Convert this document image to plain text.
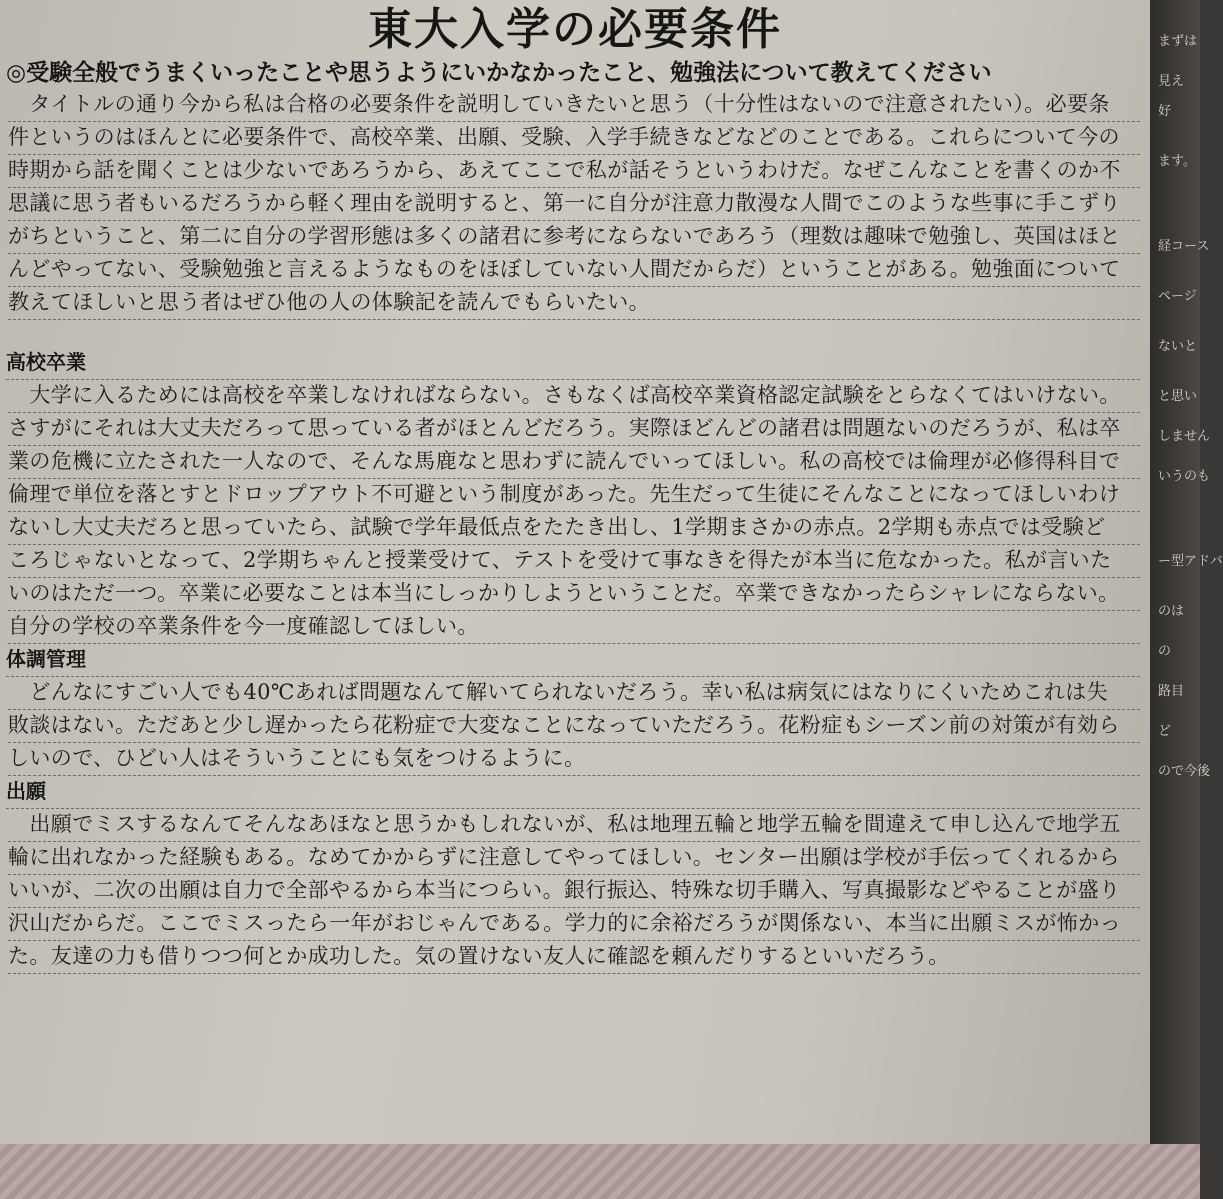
東大入学の必要条件
◎受験全般でうまくいったことや思うようにいかなかったこと、勉強法について教えてください
　タイトルの通り今から私は合格の必要条件を説明していきたいと思う（十分性はないので注意されたい）。必要条
件というのはほんとに必要条件で、高校卒業、出願、受験、入学手続きなどなどのことである。これらについて今の
時期から話を聞くことは少ないであろうから、あえてここで私が話そうというわけだ。なぜこんなことを書くのか不
思議に思う者もいるだろうから軽く理由を説明すると、第一に自分が注意力散漫な人間でこのような些事に手こずり
がちということ、第二に自分の学習形態は多くの諸君に参考にならないであろう（理数は趣味で勉強し、英国はほと
んどやってない、受験勉強と言えるようなものをほぼしていない人間だからだ）ということがある。勉強面について
教えてほしいと思う者はぜひ他の人の体験記を読んでもらいたい。
高校卒業
　大学に入るためには高校を卒業しなければならない。さもなくば高校卒業資格認定試験をとらなくてはいけない。
さすがにそれは大丈夫だろって思っている者がほとんどだろう。実際ほどんどの諸君は問題ないのだろうが、私は卒
業の危機に立たされた一人なので、そんな馬鹿なと思わずに読んでいってほしい。私の高校では倫理が必修得科目で
倫理で単位を落とすとドロップアウト不可避という制度があった。先生だって生徒にそんなことになってほしいわけ
ないし大丈夫だろと思っていたら、試験で学年最低点をたたき出し、1学期まさかの赤点。2学期も赤点では受験ど
ころじゃないとなって、2学期ちゃんと授業受けて、テストを受けて事なきを得たが本当に危なかった。私が言いた
いのはただ一つ。卒業に必要なことは本当にしっかりしようということだ。卒業できなかったらシャレにならない。
自分の学校の卒業条件を今一度確認してほしい。
体調管理
　どんなにすごい人でも40℃あれば問題なんて解いてられないだろう。幸い私は病気にはなりにくいためこれは失
敗談はない。ただあと少し遅かったら花粉症で大変なことになっていただろう。花粉症もシーズン前の対策が有効ら
しいので、ひどい人はそういうことにも気をつけるように。
出願
　出願でミスするなんてそんなあほなと思うかもしれないが、私は地理五輪と地学五輪を間違えて申し込んで地学五
輪に出れなかった経験もある。なめてかからずに注意してやってほしい。センター出願は学校が手伝ってくれるから
いいが、二次の出願は自力で全部やるから本当につらい。銀行振込、特殊な切手購入、写真撮影などやることが盛り
沢山だからだ。ここでミスったら一年がおじゃんである。学力的に余裕だろうが関係ない、本当に出願ミスが怖かっ
た。友達の力も借りつつ何とか成功した。気の置けない友人に確認を頼んだりするといいだろう。
まずは
見え
好
ます。
経コース
ページ
ないと
と思い
しません
いうのも
ー型アドバ
のは
の
路目
ど
ので今後
